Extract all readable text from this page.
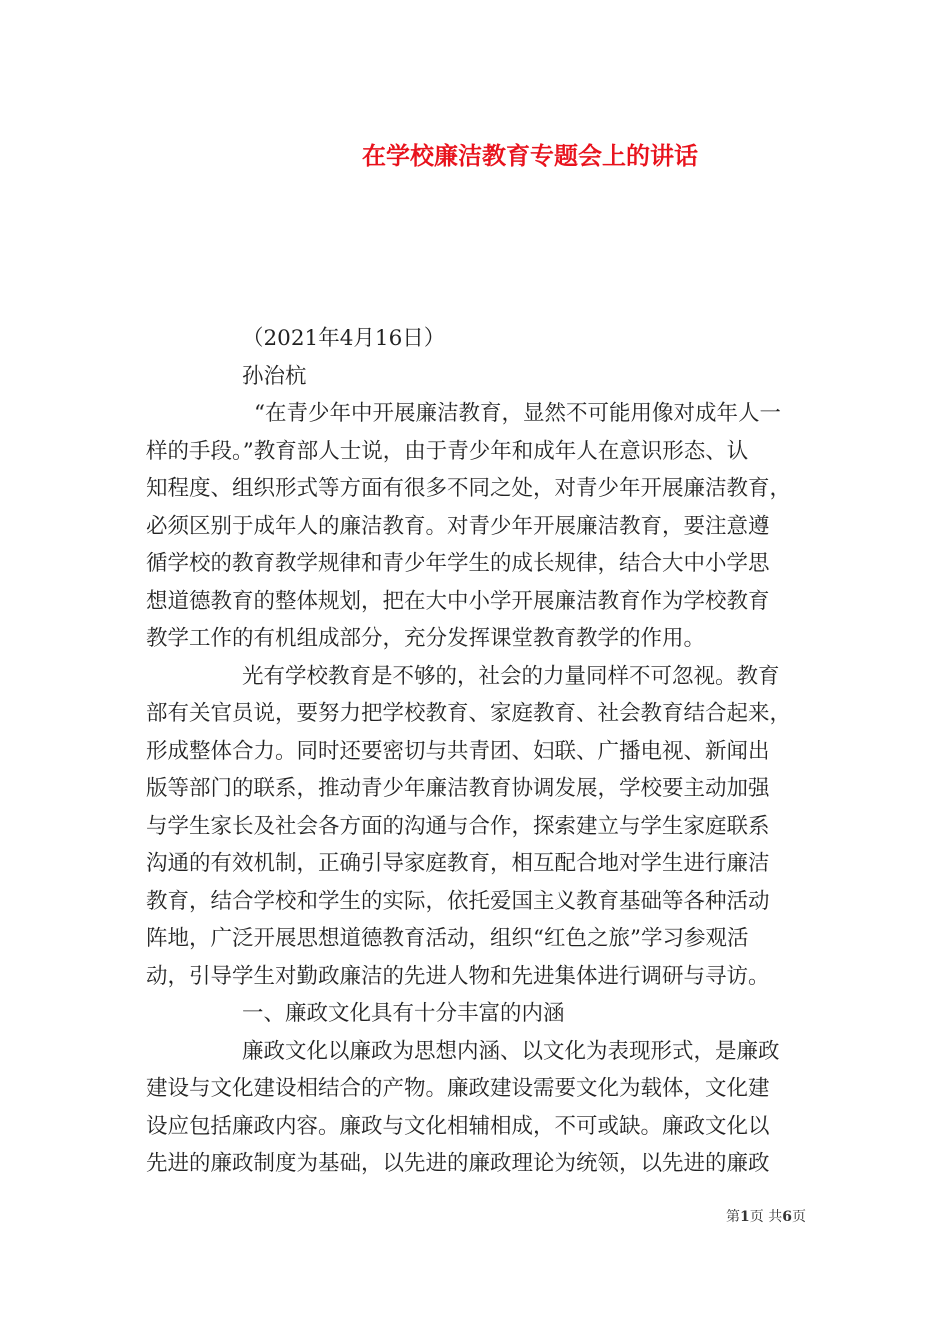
在学校廉洁教育专题会上的讲话
（2021年4月16日）
孙治杭
“在青少年中开展廉洁教育，显然不可能用像对成年人一
样的手段。”教育部人士说，由于青少年和成年人在意识形态、认
知程度、组织形式等方面有很多不同之处，对青少年开展廉洁教育，
必须区别于成年人的廉洁教育。对青少年开展廉洁教育，要注意遵
循学校的教育教学规律和青少年学生的成长规律，结合大中小学思
想道德教育的整体规划，把在大中小学开展廉洁教育作为学校教育
教学工作的有机组成部分，充分发挥课堂教育教学的作用。
光有学校教育是不够的，社会的力量同样不可忽视。教育
部有关官员说，要努力把学校教育、家庭教育、社会教育结合起来，
形成整体合力。同时还要密切与共青团、妇联、广播电视、新闻出
版等部门的联系，推动青少年廉洁教育协调发展，学校要主动加强
与学生家长及社会各方面的沟通与合作，探索建立与学生家庭联系
沟通的有效机制，正确引导家庭教育，相互配合地对学生进行廉洁
教育，结合学校和学生的实际，依托爱国主义教育基础等各种活动
阵地，广泛开展思想道德教育活动，组织“红色之旅”学习参观活
动，引导学生对勤政廉洁的先进人物和先进集体进行调研与寻访。
一、廉政文化具有十分丰富的内涵
廉政文化以廉政为思想内涵、以文化为表现形式，是廉政
建设与文化建设相结合的产物。廉政建设需要文化为载体，文化建
设应包括廉政内容。廉政与文化相辅相成，不可或缺。廉政文化以
先进的廉政制度为基础，以先进的廉政理论为统领，以先进的廉政
第1页 共6页
